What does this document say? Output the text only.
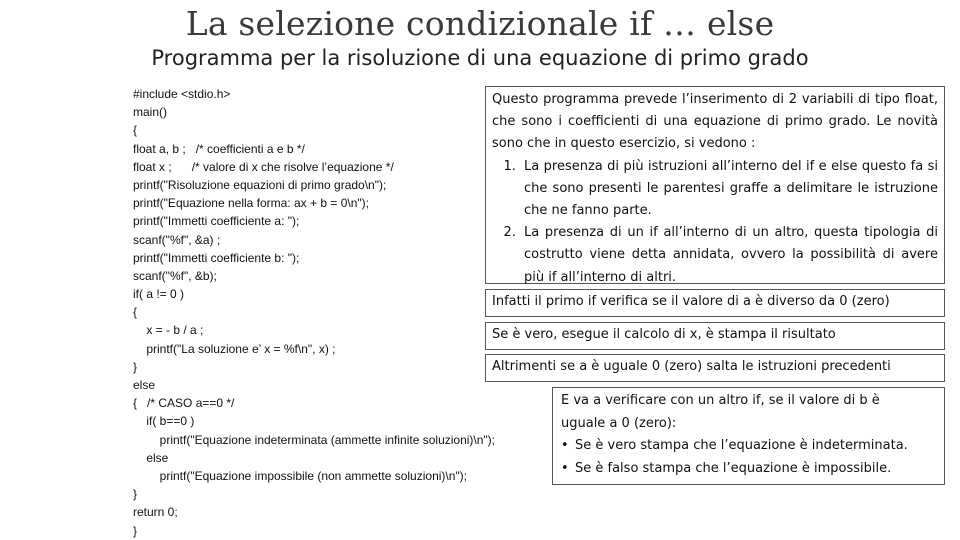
La selezione condizionale if … else
Programma per la risoluzione di una equazione di primo grado
#include <stdio.h>
main()
{
float a, b ;   /* coefficienti a e b */
float x ;      /* valore di x che risolve l’equazione */
printf("Risoluzione equazioni di primo grado\n");
printf("Equazione nella forma: ax + b = 0\n");
printf("Immetti coefficiente a: ");
scanf("%f", &a) ;
printf("Immetti coefficiente b: ");
scanf("%f", &b);
if( a != 0 )
{
x = - b / a ;
printf("La soluzione e’ x = %f\n", x) ;
}
else
{   /* CASO a==0 */
if( b==0 )
printf("Equazione indeterminata (ammette infinite soluzioni)\n");
else
printf("Equazione impossibile (non ammette soluzioni)\n");
}
return 0;
}

Questo programma prevede l’inserimento di 2 variabili di tipo float, che sono i coefficienti di una equazione di primo grado. Le novità sono che in questo esercizio, si vedono :

1. La presenza di più istruzioni all’interno del if e else questo fa si che sono presenti le parentesi graffe a delimitare le istruzione che ne fanno parte.
2. La presenza di un if all’interno di un altro, questa tipologia di costrutto viene detta annidata, ovvero la possibilità di avere più if all’interno di altri.
Infatti il primo if verifica se il valore di a è diverso da 0 (zero)
Se è vero, esegue il calcolo di x, è stampa il risultato
Altrimenti se a è uguale 0 (zero) salta le istruzioni precedenti
E va a verificare con un altro if, se il valore di b è
uguale a 0 (zero):
• Se è vero stampa che l’equazione è indeterminata.
• Se è falso stampa che l’equazione è impossibile.
